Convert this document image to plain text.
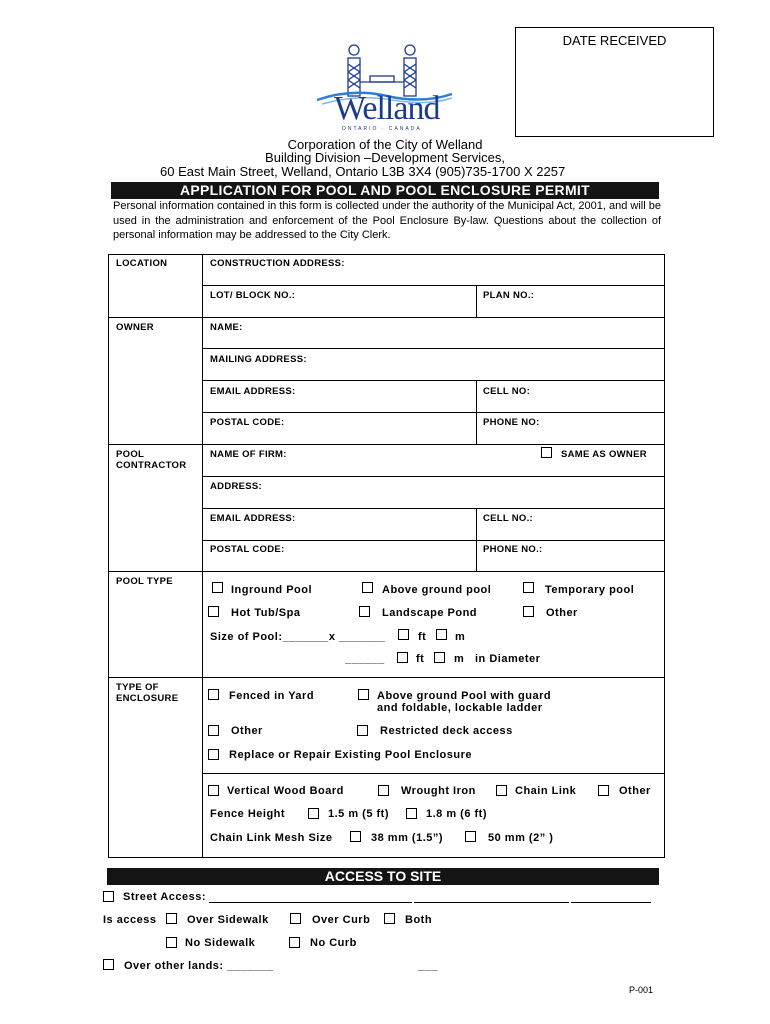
DATE RECEIVED
Welland
ONTARIO · CANADA
Corporation of the City of Welland
Building Division –Development Services,
60 East Main Street, Welland, Ontario L3B 3X4 (905)735-1700 X 2257
APPLICATION FOR POOL AND POOL ENCLOSURE PERMIT
Personal information contained in this form is collected under the authority of the Municipal Act, 2001, and will be used in the administration and enforcement of the Pool Enclosure By-law. Questions about the collection of personal information may be addressed to the City Clerk.
LOCATION	CONSTRUCTION ADDRESS:
LOT/ BLOCK NO.:	PLAN NO.:
OWNER	NAME:
MAILING ADDRESS:
EMAIL ADDRESS:	CELL NO:
POSTAL CODE:	PHONE NO:
POOL
CONTRACTOR
NAME OF FIRM:	SAME AS OWNER
ADDRESS:
EMAIL ADDRESS:	CELL NO.:
POSTAL CODE:	PHONE NO.:
POOL TYPE
Inground Pool	Above ground pool	Temporary pool
Hot Tub/Spa	Landscape Pond	Other
Size of Pool:_______x _______	ft	m
______	ft	m in Diameter
TYPE OF
ENCLOSURE	Fenced in Yard	Above ground Pool with guard
and foldable, lockable ladder
Other	Restricted deck access
Replace or Repair Existing Pool Enclosure
Vertical Wood Board	Wrought Iron	Chain Link	Other
Fence Height	1.5 m (5 ft)	1.8 m (6 ft)
Chain Link Mesh Size	38 mm (1.5”)	50 mm (2” )
ACCESS TO SITE
Street Access:
Is access	Over Sidewalk	Over Curb	Both
No Sidewalk	No Curb
Over other lands: _______	___
P-001
